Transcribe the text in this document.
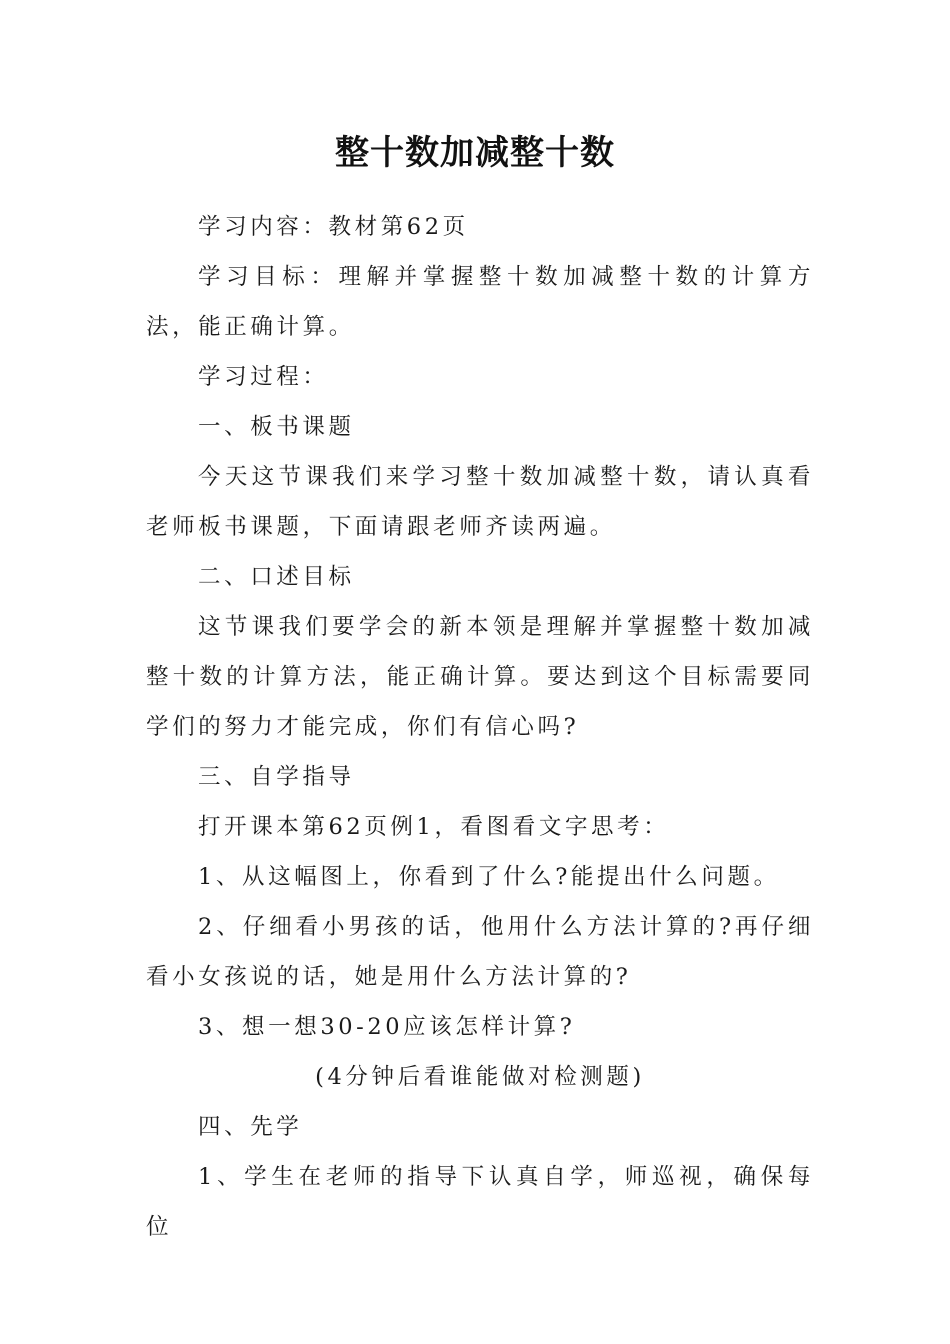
整十数加减整十数

学习内容：教材第62页

学习目标：理解并掌握整十数加减整十数的计算方法，能正确计算。

学习过程：

一、板书课题

今天这节课我们来学习整十数加减整十数，请认真看老师板书课题，下面请跟老师齐读两遍。

二、口述目标

这节课我们要学会的新本领是理解并掌握整十数加减整十数的计算方法，能正确计算。要达到这个目标需要同学们的努力才能完成，你们有信心吗?

三、自学指导

打开课本第62页例1，看图看文字思考：

1、从这幅图上，你看到了什么?能提出什么问题。

2、仔细看小男孩的话，他用什么方法计算的?再仔细看小女孩说的话，她是用什么方法计算的?

3、想一想30-20应该怎样计算?

(4分钟后看谁能做对检测题)

四、先学

1、学生在老师的指导下认真自学，师巡视，确保每位
